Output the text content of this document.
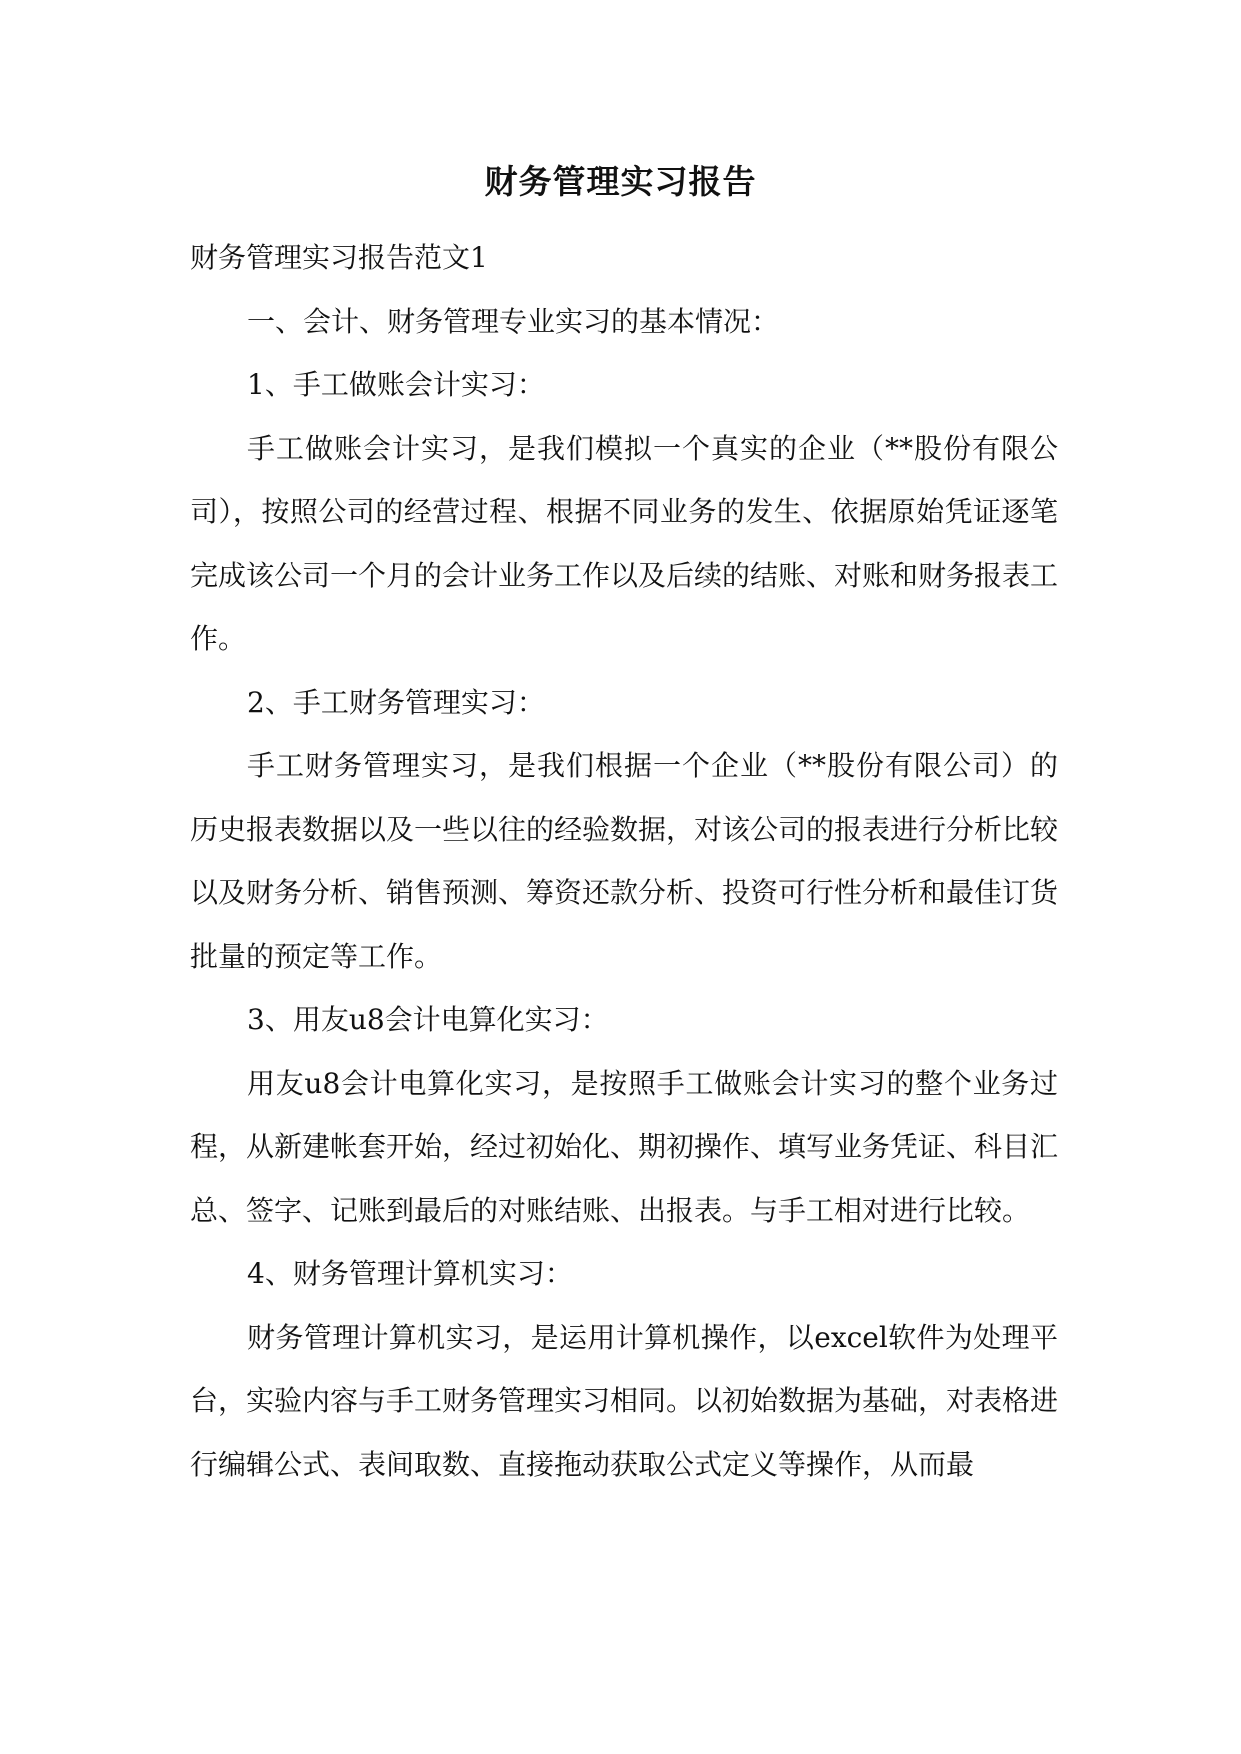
财务管理实习报告

财务管理实习报告范文1

一、会计、财务管理专业实习的基本情况：

1、手工做账会计实习：

手工做账会计实习，是我们模拟一个真实的企业（**股份有限公司），按照公司的经营过程、根据不同业务的发生、依据原始凭证逐笔完成该公司一个月的会计业务工作以及后续的结账、对账和财务报表工作。

2、手工财务管理实习：

手工财务管理实习，是我们根据一个企业（**股份有限公司）的历史报表数据以及一些以往的经验数据，对该公司的报表进行分析比较以及财务分析、销售预测、筹资还款分析、投资可行性分析和最佳订货批量的预定等工作。

3、用友u8会计电算化实习：

用友u8会计电算化实习，是按照手工做账会计实习的整个业务过程，从新建帐套开始，经过初始化、期初操作、填写业务凭证、科目汇总、签字、记账到最后的对账结账、出报表。与手工相对进行比较。

4、财务管理计算机实习：

财务管理计算机实习，是运用计算机操作，以excel软件为处理平台，实验内容与手工财务管理实习相同。以初始数据为基础，对表格进行编辑公式、表间取数、直接拖动获取公式定义等操作，从而最
